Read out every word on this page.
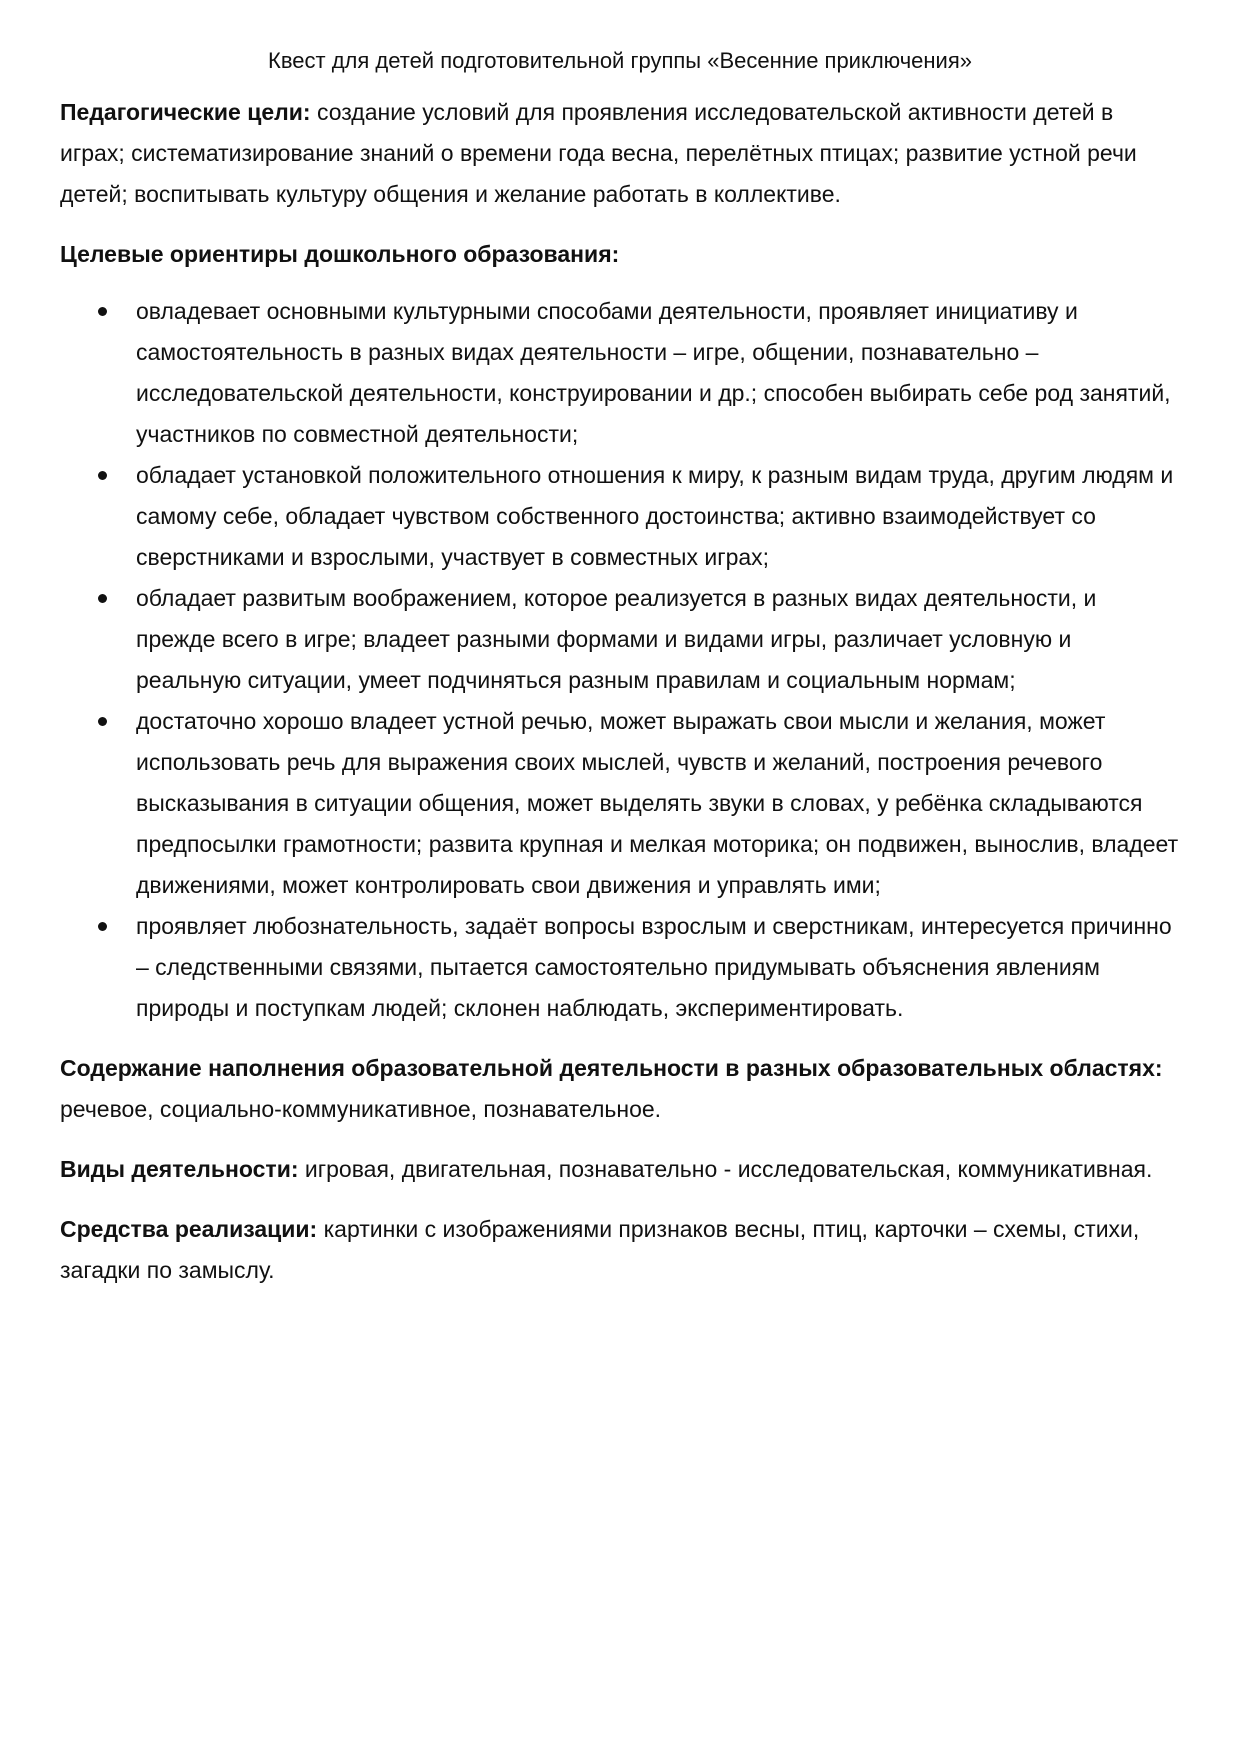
Квест для детей подготовительной группы «Весенние приключения»

Педагогические цели: создание условий для проявления исследовательской активности детей в играх; систематизирование знаний о времени года весна, перелётных птицах; развитие устной речи детей; воспитывать культуру общения и желание работать в коллективе.

Целевые ориентиры дошкольного образования:
овладевает основными культурными способами деятельности, проявляет инициативу и самостоятельность в разных видах деятельности – игре, общении, познавательно – исследовательской деятельности, конструировании и др.; способен выбирать себе род занятий, участников по совместной деятельности;
обладает установкой положительного отношения к миру, к разным видам труда, другим людям и самому себе, обладает чувством собственного достоинства; активно взаимодействует со сверстниками и взрослыми, участвует в совместных играх;
обладает развитым воображением, которое реализуется в разных видах деятельности, и прежде всего в игре; владеет разными формами и видами игры, различает условную и реальную ситуации, умеет подчиняться разным правилам и социальным нормам;
достаточно хорошо владеет устной речью, может выражать свои мысли и желания, может использовать речь для выражения своих мыслей, чувств и желаний, построения речевого высказывания в ситуации общения, может выделять звуки в словах, у ребёнка складываются предпосылки грамотности; развита крупная и мелкая моторика; он подвижен, вынослив, владеет движениями, может контролировать свои движения и управлять ими;
проявляет любознательность, задаёт вопросы взрослым и сверстникам, интересуется причинно – следственными связями, пытается самостоятельно придумывать объяснения явлениям природы и поступкам людей; склонен наблюдать, экспериментировать.

Содержание наполнения образовательной деятельности в разных образовательных областях: речевое, социально-коммуникативное, познавательное.

Виды деятельности: игровая, двигательная, познавательно - исследовательская, коммуникативная.

Средства реализации: картинки с изображениями признаков весны, птиц, карточки – схемы, стихи, загадки по замыслу.
